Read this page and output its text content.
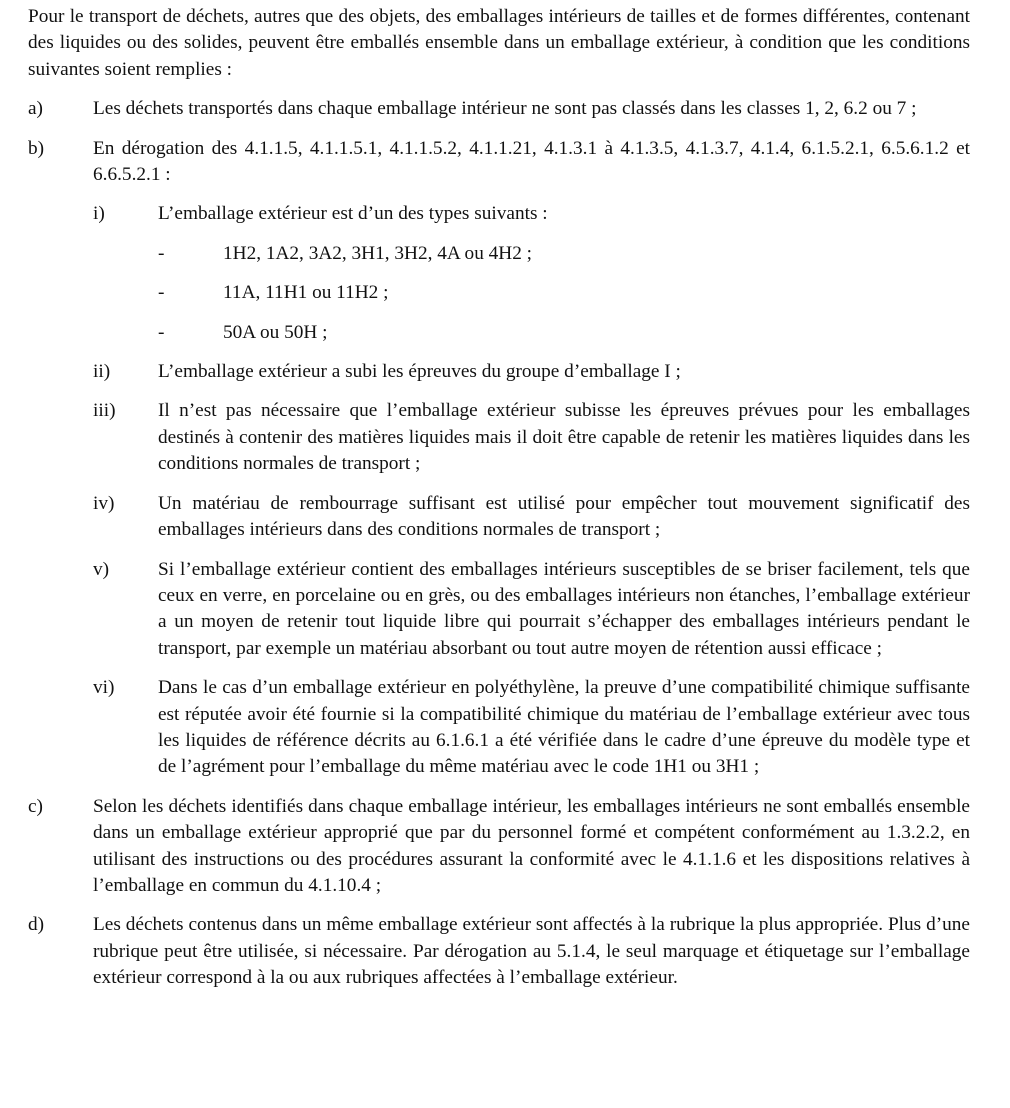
Pour le transport de déchets, autres que des objets, des emballages intérieurs de tailles et de formes différentes, contenant des liquides ou des solides, peuvent être emballés ensemble dans un emballage extérieur, à condition que les conditions suivantes soient remplies :

a)	Les déchets transportés dans chaque emballage intérieur ne sont pas classés dans les classes 1, 2, 6.2 ou 7 ;

b)	En dérogation des 4.1.1.5, 4.1.1.5.1, 4.1.1.5.2, 4.1.1.21, 4.1.3.1 à 4.1.3.5, 4.1.3.7, 4.1.4, 6.1.5.2.1, 6.5.6.1.2 et 6.6.5.2.1 :

i)	L’emballage extérieur est d’un des types suivants :

-	1H2, 1A2, 3A2, 3H1, 3H2, 4A ou 4H2 ;

-	11A, 11H1 ou 11H2 ;

-	50A ou 50H ;

ii) L’emballage extérieur a subi les épreuves du groupe d’emballage I ;

iii) Il n’est pas nécessaire que l’emballage extérieur subisse les épreuves prévues pour les emballages destinés à contenir des matières liquides mais il doit être capable de retenir les matières liquides dans les conditions normales de transport ;

iv) Un matériau de rembourrage suffisant est utilisé pour empêcher tout mouvement significatif des emballages intérieurs dans des conditions normales de transport ;

v)	Si l’emballage extérieur contient des emballages intérieurs susceptibles de se briser facilement, tels que ceux en verre, en porcelaine ou en grès, ou des emballages intérieurs non étanches, l’emballage extérieur a un moyen de retenir tout liquide libre qui pourrait s’échapper des emballages intérieurs pendant le transport, par exemple un matériau absorbant ou tout autre moyen de rétention aussi efficace ;

vi) Dans le cas d’un emballage extérieur en polyéthylène, la preuve d’une compatibilité chimique suffisante est réputée avoir été fournie si la compatibilité chimique du matériau de l’emballage extérieur avec tous les liquides de référence décrits au 6.1.6.1 a été vérifiée dans le cadre d’une épreuve du modèle type et de l’agrément pour l’emballage du même matériau avec le code 1H1 ou 3H1 ;

c)	Selon les déchets identifiés dans chaque emballage intérieur, les emballages intérieurs ne sont emballés ensemble dans un emballage extérieur approprié que par du personnel formé et compétent conformément au 1.3.2.2, en utilisant des instructions ou des procédures assurant la conformité avec le 4.1.1.6 et les dispositions relatives à l’emballage en commun du 4.1.10.4 ;

d)	Les déchets contenus dans un même emballage extérieur sont affectés à la rubrique la plus appropriée. Plus d’une rubrique peut être utilisée, si nécessaire. Par dérogation au 5.1.4, le seul marquage et étiquetage sur l’emballage extérieur correspond à la ou aux rubriques affectées à l’emballage extérieur.
